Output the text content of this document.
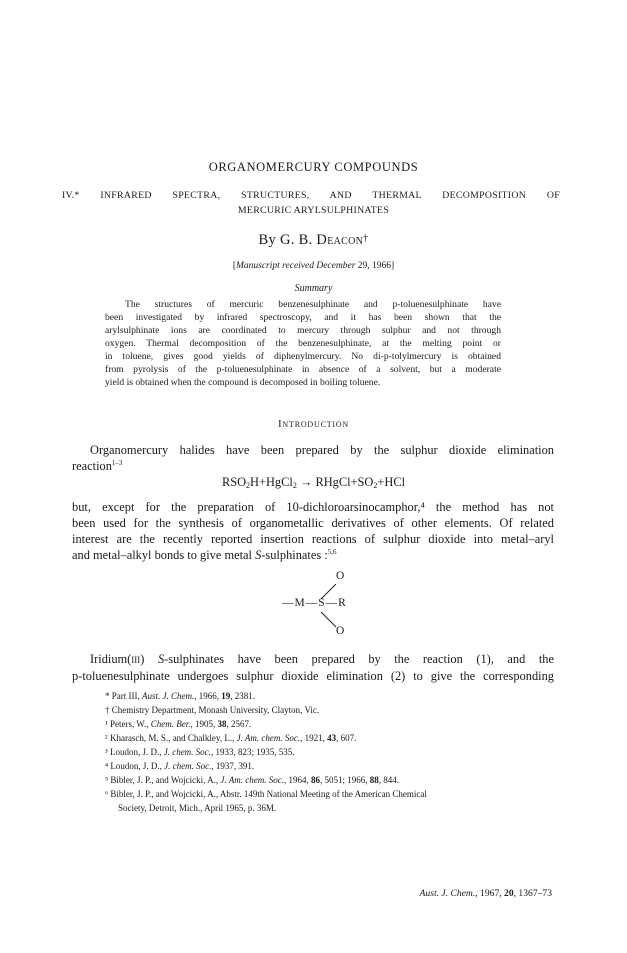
ORGANOMERCURY COMPOUNDS
IV.* INFRARED SPECTRA, STRUCTURES, AND THERMAL DECOMPOSITION OF
MERCURIC ARYLSULPHINATES
By G. B. Deacon†
[Manuscript received December 29, 1966]
Summary
The structures of mercuric benzenesulphinate and p-toluenesulphinate have
been investigated by infrared spectroscopy, and it has been shown that the
arylsulphinate ions are coordinated to mercury through sulphur and not through
oxygen. Thermal decomposition of the benzenesulphinate, at the melting point or
in toluene, gives good yields of diphenylmercury. No di-p-tolylmercury is obtained
from pyrolysis of the p-toluenesulphinate in absence of a solvent, but a moderate
yield is obtained when the compound is decomposed in boiling toluene.
Introduction
Organomercury halides have been prepared by the sulphur dioxide elimination
reaction$^{1-3}$
$RSO_2H+HgCl_2$ → $RHgCl+SO_2+HCl$
but, except for the preparation of 10-dichloroarsinocamphor,⁴ the method has not
been used for the synthesis of organometallic derivatives of other elements. Of related
interest are the recently reported insertion reactions of sulphur dioxide into metal–aryl
and metal–alkyl bonds to give metal S-sulphinates :$^{5,6}$
O
—M—S—R
O
Iridium(iii) S-sulphinates have been prepared by the reaction (1), and the
p-toluenesulphinate undergoes sulphur dioxide elimination (2) to give the corresponding
* Part III, Aust. J. Chem., 1966, 19, 2381.
† Chemistry Department, Monash University, Clayton, Vic.
¹ Peters, W., Chem. Ber., 1905, 38, 2567.
² Kharasch, M. S., and Chalkley, L., J. Am. chem. Soc., 1921, 43, 607.
³ Loudon, J. D., J. chem. Soc., 1933, 823; 1935, 535.
⁴ Loudon, J. D., J. chem. Soc., 1937, 391.
⁵ Bibler, J. P., and Wojcicki, A., J. Am. chem. Soc., 1964, 86, 5051; 1966, 88, 844.
⁶ Bibler, J. P., and Wojcicki, A., Abstr. 149th National Meeting of the American Chemical
Society, Detroit, Mich., April 1965, p. 36M.
Aust. J. Chem., 1967, 20, 1367–73
